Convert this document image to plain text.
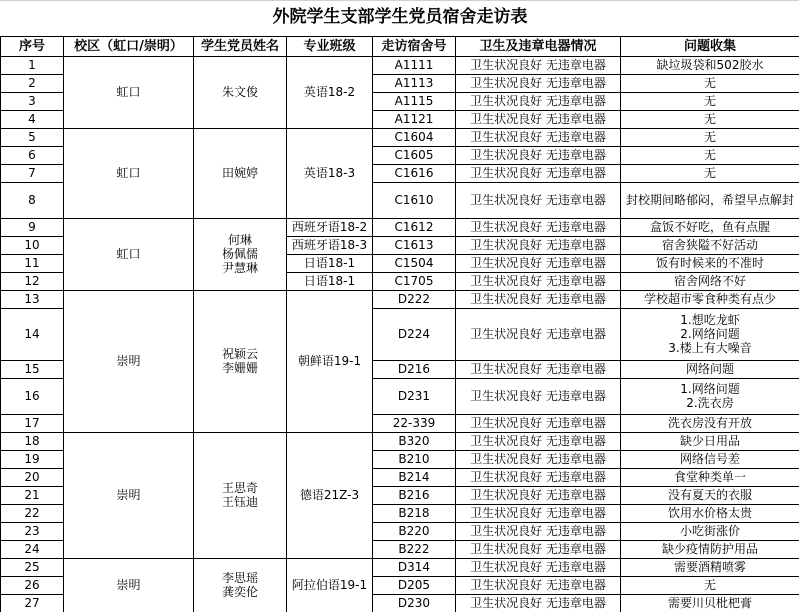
外院学生支部学生党员宿舍走访表						
序号	校区（虹口/崇明）	学生党员姓名	专业班级	走访宿舍号	卫生及违章电器情况	问题收集
1	虹口	朱文俊	英语18-2	A1111	卫生状况良好 无违章电器	缺垃圾袋和502胶水
2				A1113	卫生状况良好 无违章电器	无
3				A1115	卫生状况良好 无违章电器	无
4				A1121	卫生状况良好 无违章电器	无
5	虹口	田婉婷	英语18-3	C1604	卫生状况良好 无违章电器	无
6				C1605	卫生状况良好 无违章电器	无
7				C1616	卫生状况良好 无违章电器	无
8				C1610	卫生状况良好 无违章电器	封校期间略郁闷，希望早点解封
9	虹口	何琳
杨佩儒
尹慧琳	西班牙语18-2	C1612	卫生状况良好 无违章电器	盒饭不好吃，鱼有点腥
10			西班牙语18-3	C1613	卫生状况良好 无违章电器	宿舍狭隘不好活动
11			日语18-1	C1504	卫生状况良好 无违章电器	饭有时候来的不准时
12			日语18-1	C1705	卫生状况良好 无违章电器	宿舍网络不好
13	崇明	祝颖云
李姗姗	朝鲜语19-1	D222	卫生状况良好 无违章电器	学校超市零食种类有点少
14				D224	卫生状况良好 无违章电器	1.想吃龙虾
2.网络问题
3.楼上有大噪音
15				D216	卫生状况良好 无违章电器	网络问题
16				D231	卫生状况良好 无违章电器	1.网络问题
2.洗衣房
17				22-339	卫生状况良好 无违章电器	洗衣房没有开放
18	崇明	王思奇
王钰迪	德语21Z-3	B320	卫生状况良好 无违章电器	缺少日用品
19				B210	卫生状况良好 无违章电器	网络信号差
20				B214	卫生状况良好 无违章电器	食堂种类单一
21				B216	卫生状况良好 无违章电器	没有夏天的衣服
22				B218	卫生状况良好 无违章电器	饮用水价格太贵
23				B220	卫生状况良好 无违章电器	小吃街涨价
24				B222	卫生状况良好 无违章电器	缺少疫情防护用品
25	崇明	李思瑶
龚奕伦	阿拉伯语19-1	D314	卫生状况良好 无违章电器	需要酒精喷雾
26				D205	卫生状况良好 无违章电器	无
27				D230	卫生状况良好 无违章电器	需要川贝枇杷膏
